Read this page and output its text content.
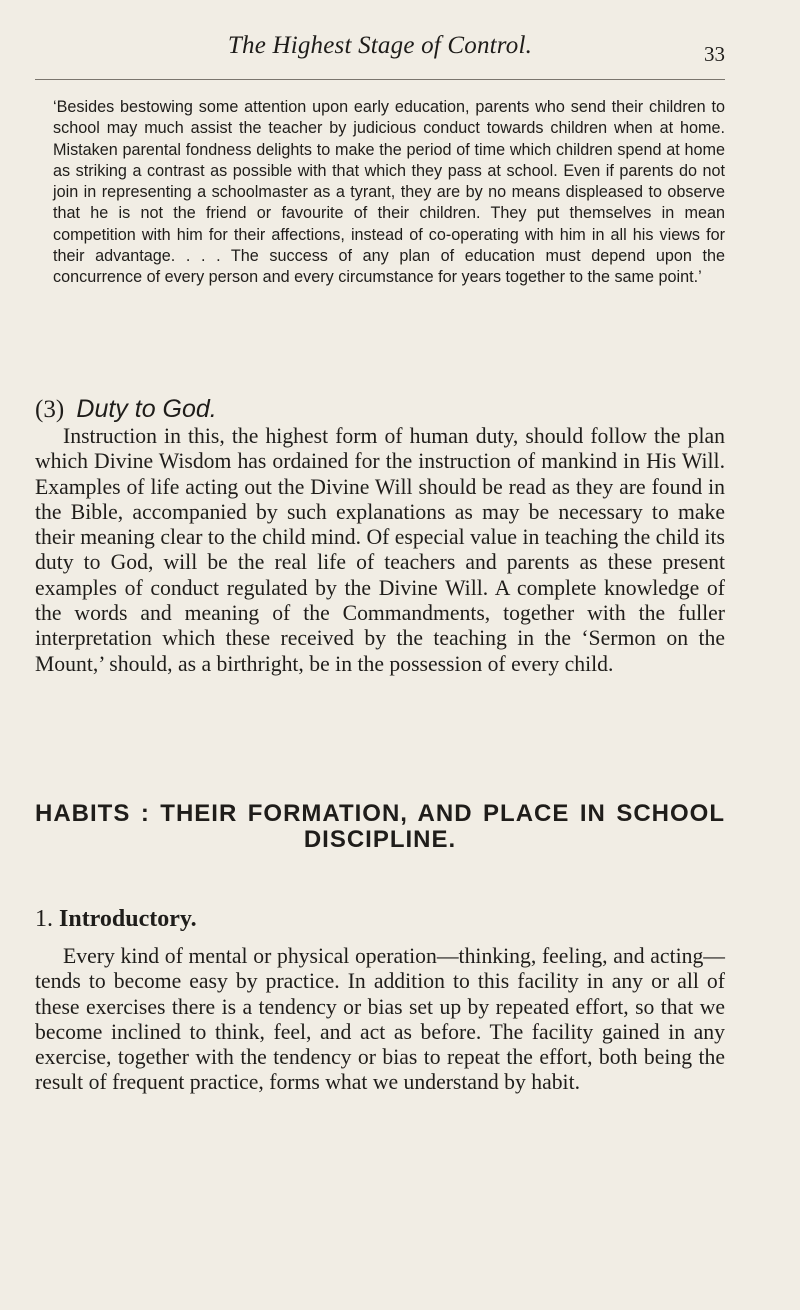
The Highest Stage of Control.	33

‘Besides bestowing some attention upon early education, parents who send their children to school may much assist the teacher by judicious conduct towards children when at home. Mistaken parental fondness delights to make the period of time which children spend at home as striking a contrast as possible with that which they pass at school. Even if parents do not join in representing a schoolmaster as a tyrant, they are by no means displeased to observe that he is not the friend or favourite of their children. They put themselves in mean competition with him for their affections, instead of co-operating with him in all his views for their advantage. . . . The success of any plan of education must depend upon the concurrence of every person and every circumstance for years together to the same point.’

(3) Duty to God.

Instruction in this, the highest form of human duty, should follow the plan which Divine Wisdom has ordained for the instruction of mankind in His Will. Examples of life acting out the Divine Will should be read as they are found in the Bible, accompanied by such explanations as may be necessary to make their meaning clear to the child mind. Of especial value in teaching the child its duty to God, will be the real life of teachers and parents as these present examples of conduct regulated by the Divine Will. A complete knowledge of the words and meaning of the Commandments, together with the fuller interpretation which these received by the teaching in the ‘Sermon on the Mount,’ should, as a birthright, be in the possession of every child.

HABITS : THEIR FORMATION, AND PLACE IN SCHOOL DISCIPLINE.
1. Introductory.

Every kind of mental or physical operation—thinking, feeling, and acting—tends to become easy by practice. In addition to this facility in any or all of these exercises there is a tendency or bias set up by repeated effort, so that we become inclined to think, feel, and act as before. The facility gained in any exercise, together with the tendency or bias to repeat the effort, both being the result of frequent practice, forms what we understand by habit.
